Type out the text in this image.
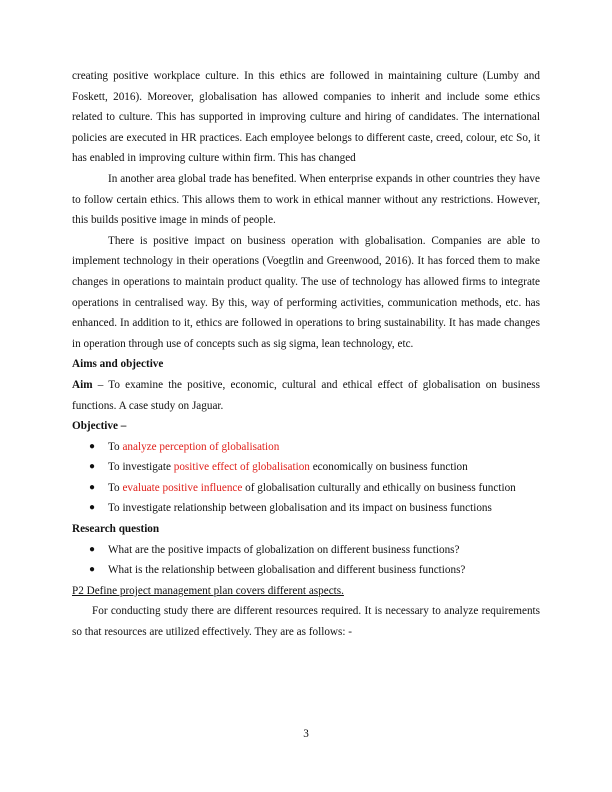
creating positive workplace culture. In this ethics are followed in maintaining culture (Lumby and Foskett, 2016). Moreover, globalisation has allowed companies to inherit and include some ethics related to culture. This has supported in improving culture and hiring of candidates. The international policies are executed in HR practices. Each employee belongs to different caste, creed, colour, etc So, it has enabled in improving culture within firm. This has changed

In another area global trade has benefited. When enterprise expands in other countries they have to follow certain ethics. This allows them to work in ethical manner without any restrictions. However, this builds positive image in minds of people.

There is positive impact on business operation with globalisation. Companies are able to implement technology in their operations (Voegtlin and Greenwood, 2016). It has forced them to make changes in operations to maintain product quality. The use of technology has allowed firms to integrate operations in centralised way. By this, way of performing activities, communication methods, etc. has enhanced. In addition to it, ethics are followed in operations to bring sustainability. It has made changes in operation through use of concepts such as sig sigma, lean technology, etc.

Aims and objective

Aim – To examine the positive, economic, cultural and ethical effect of globalisation on business functions. A case study on Jaguar.

Objective –

● To analyze perception of globalisation
● To investigate positive effect of globalisation economically on business function
● To evaluate positive influence of globalisation culturally and ethically on business function
● To investigate relationship between globalisation and its impact on business functions

Research question

● What are the positive impacts of globalization on different business functions?
● What is the relationship between globalisation and different business functions?

P2 Define project management plan covers different aspects.

For conducting study there are different resources required. It is necessary to analyze requirements so that resources are utilized effectively. They are as follows: -

3
